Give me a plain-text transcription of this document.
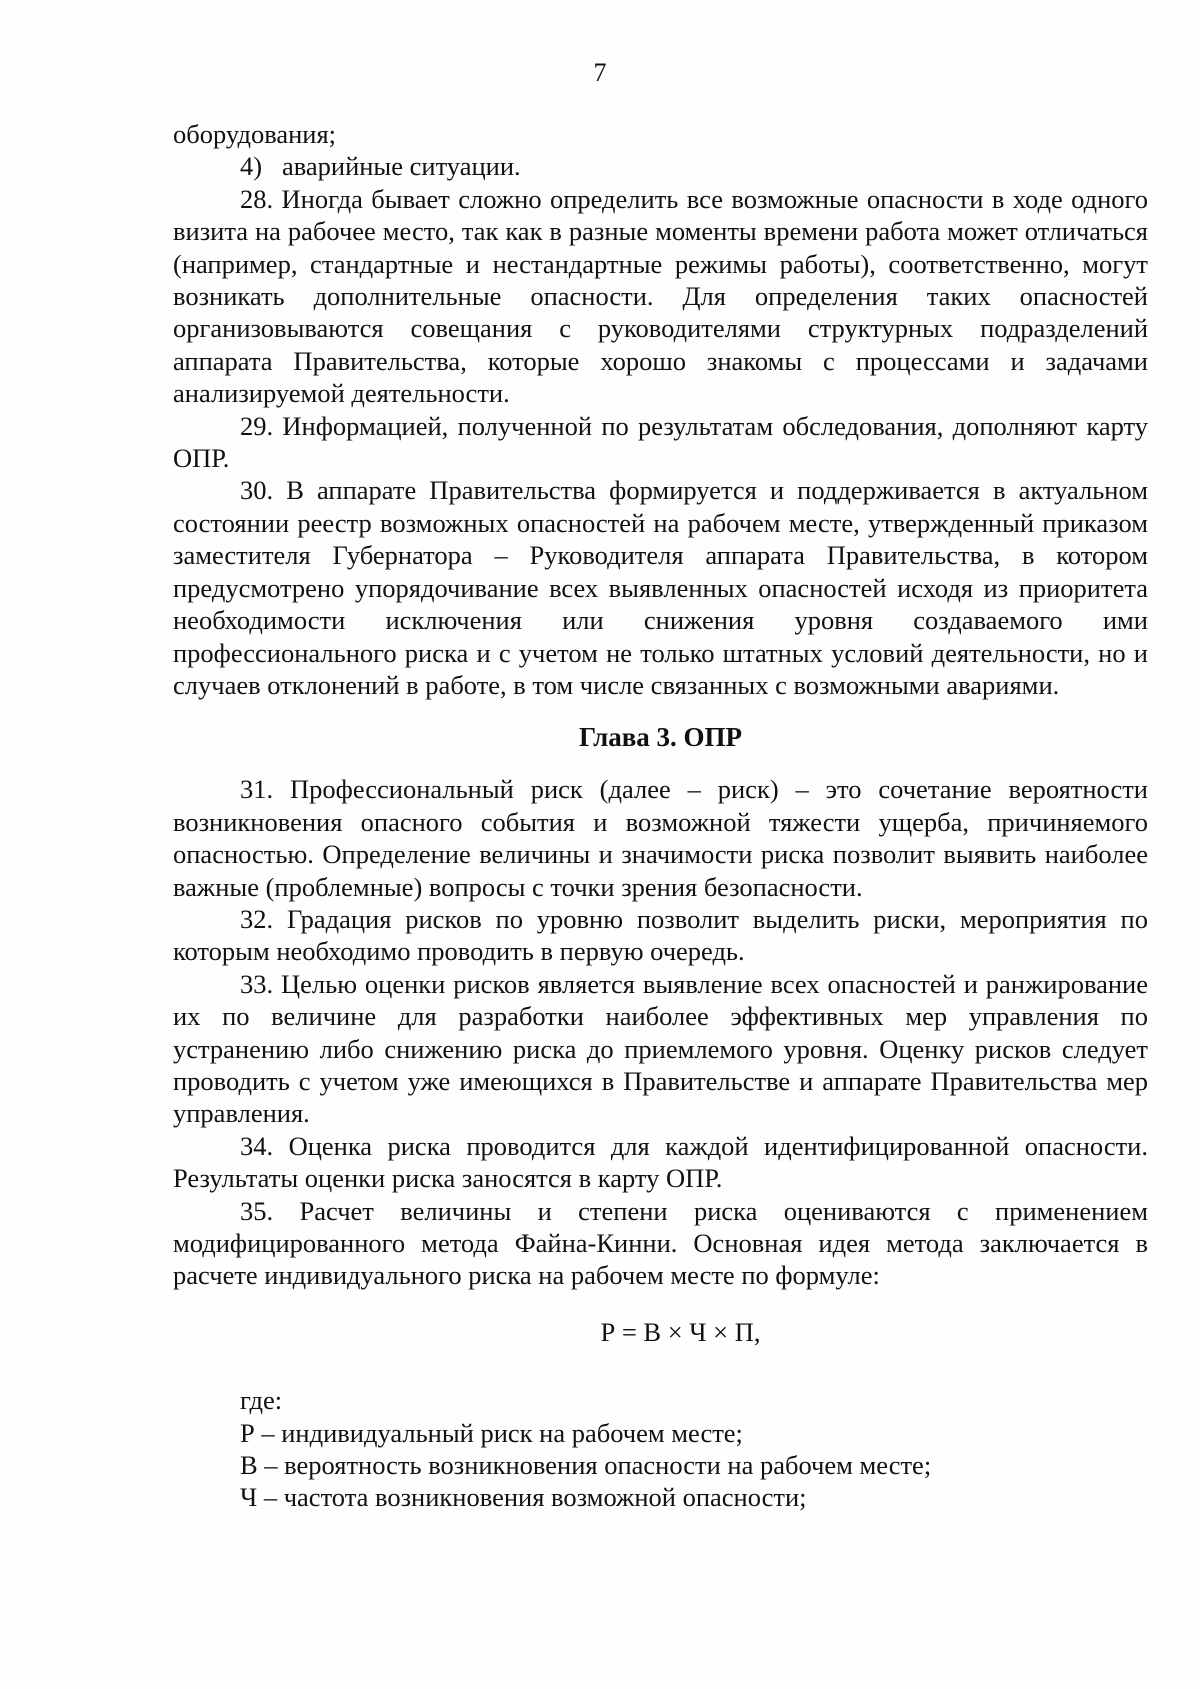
7

оборудования;

4)  аварийные ситуации.

28. Иногда бывает сложно определить все возможные опасности в ходе одного визита на рабочее место, так как в разные моменты времени работа может отличаться (например, стандартные и нестандартные режимы работы), соответственно, могут возникать дополнительные опасности. Для определения таких опасностей организовываются совещания с руководителями структурных подразделений аппарата Правительства, которые хорошо знакомы с процессами и задачами анализируемой деятельности.

29. Информацией, полученной по результатам обследования, дополняют карту ОПР.

30. В аппарате Правительства формируется и поддерживается в актуальном состоянии реестр возможных опасностей на рабочем месте, утвержденный приказом заместителя Губернатора – Руководителя аппарата Правительства, в котором предусмотрено упорядочивание всех выявленных опасностей исходя из приоритета необходимости исключения или снижения уровня создаваемого ими профессионального риска и с учетом не только штатных условий деятельности, но и случаев отклонений в работе, в том числе связанных с возможными авариями.

Глава 3. ОПР

31. Профессиональный риск (далее – риск) – это сочетание вероятности возникновения опасного события и возможной тяжести ущерба, причиняемого опасностью. Определение величины и значимости риска позволит выявить наиболее важные (проблемные) вопросы с точки зрения безопасности.

32. Градация рисков по уровню позволит выделить риски, мероприятия по которым необходимо проводить в первую очередь.

33. Целью оценки рисков является выявление всех опасностей и ранжирование их по величине для разработки наиболее эффективных мер управления по устранению либо снижению риска до приемлемого уровня. Оценку рисков следует проводить с учетом уже имеющихся в Правительстве и аппарате Правительства мер управления.

34. Оценка риска проводится для каждой идентифицированной опасности. Результаты оценки риска заносятся в карту ОПР.

35. Расчет величины и степени риска оцениваются с применением модифицированного метода Файна-Кинни. Основная идея метода заключается в расчете индивидуального риска на рабочем месте по формуле:

Р = В × Ч × П,

где:

Р – индивидуальный риск на рабочем месте;

В – вероятность возникновения опасности на рабочем месте;

Ч – частота возникновения возможной опасности;
